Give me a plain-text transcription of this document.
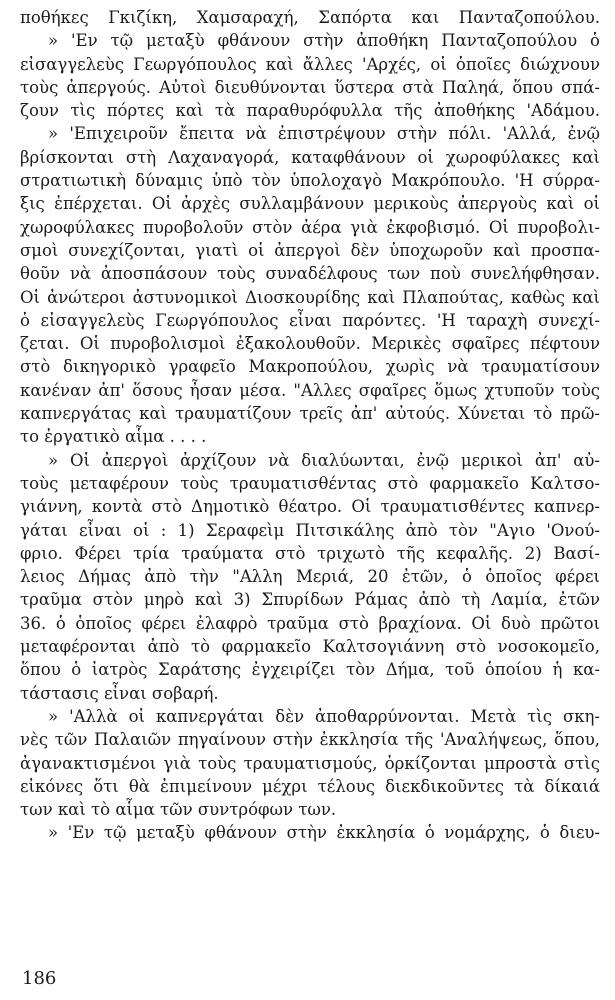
ποθήκες Γκιζίκη, Χαμσαραχή, Σαπόρτα και Πανταζοπούλου.
» 'Εν τῷ μεταξὺ φθάνουν στὴν ἀποθήκη Πανταζοπούλου ὁ
εἰσαγγελεὺς Γεωργόπουλος καὶ ἄλλες 'Αρχές, οἱ ὁποῖες διώχνουν
τοὺς ἀπεργούς. Αὐτοὶ διευθύνονται ὕστερα στὰ Παληά, ὅπου σπά-
ζουν τὶς πόρτες καὶ τὰ παραθυρόφυλλα τῆς ἀποθήκης 'Αδάμου.
» 'Επιχειροῦν ἔπειτα νὰ ἐπιστρέψουν στὴν πόλι. 'Αλλά, ἐνῷ
βρίσκονται στὴ Λαχαναγορά, καταφθάνουν οἱ χωροφύλακες καὶ
στρατιωτικὴ δύναμις ὑπὸ τὸν ὑπολοχαγὸ Μακρόπουλο. 'Η σύρρα-
ξις ἐπέρχεται. Οἱ ἀρχὲς συλλαμβάνουν μερικοὺς ἀπεργοὺς καὶ οἱ
χωροφύλακες πυροβολοῦν στὸν ἀέρα γιὰ ἐκφοβισμό. Οἱ πυροβολι-
σμοὶ συνεχίζονται, γιατὶ οἱ ἀπεργοὶ δὲν ὑποχωροῦν καὶ προσπα-
θοῦν νὰ ἀποσπάσουν τοὺς συναδέλφους των ποὺ συνελήφθησαν.
Οἱ ἀνώτεροι ἀστυνομικοὶ Διοσκουρίδης καὶ Πλαπούτας, καθὼς καὶ
ὁ εἰσαγγελεὺς Γεωργόπουλος εἶναι παρόντες. 'Η ταραχὴ συνεχί-
ζεται. Οἱ πυροβολισμοὶ ἐξακολουθοῦν. Μερικὲς σφαῖρες πέφτουν
στὸ δικηγορικὸ γραφεῖο Μακροπούλου, χωρὶς νὰ τραυματίσουν
κανέναν ἀπ' ὅσους ἦσαν μέσα. "Αλλες σφαῖρες ὅμως χτυποῦν τοὺς
καπνεργάτας καὶ τραυματίζουν τρεῖς ἀπ' αὐτούς. Χύνεται τὸ πρῶ-
το ἐργατικὸ αἷμα . . . .
» Οἱ ἀπεργοὶ ἀρχίζουν νὰ διαλύωνται, ἐνῷ μερικοὶ ἀπ' αὐ-
τοὺς μεταφέρουν τοὺς τραυματισθέντας στὸ φαρμακεῖο Καλτσο-
γιάννη, κοντὰ στὸ Δημοτικὸ θέατρο. Οἱ τραυματισθέντες καπνερ-
γάται εἶναι οἱ : 1) Σεραφεὶμ Πιτσικάλης ἀπὸ τὸν "Αγιο 'Ονού-
φριο. Φέρει τρία τραύματα στὸ τριχωτὸ τῆς κεφαλῆς. 2) Βασί-
λειος Δήμας ἀπὸ τὴν "Αλλη Μεριά, 20 ἐτῶν, ὁ ὁποῖος φέρει
τραῦμα στὸν μηρὸ καὶ 3) Σπυρίδων Ράμας ἀπὸ τὴ Λαμία, ἐτῶν
36. ὁ ὁποῖος φέρει ἐλαφρὸ τραῦμα στὸ βραχίονα. Οἱ δυὸ πρῶτοι
μεταφέρονται ἀπὸ τὸ φαρμακεῖο Καλτσογιάννη στὸ νοσοκομεῖο,
ὅπου ὁ ἰατρὸς Σαράτσης ἐγχειρίζει τὸν Δήμα, τοῦ ὁποίου ἡ κα-
τάστασις εἶναι σοβαρή.
» 'Αλλὰ οἱ καπνεργάται δὲν ἀποθαρρύνονται. Μετὰ τὶς σκη-
νὲς τῶν Παλαιῶν πηγαίνουν στὴν ἐκκλησία τῆς 'Αναλήψεως, ὅπου,
ἀγανακτισμένοι γιὰ τοὺς τραυματισμούς, ὁρκίζονται μπροστὰ στὶς
εἰκόνες ὅτι θὰ ἐπιμείνουν μέχρι τέλους διεκδικοῦντες τὰ δίκαιά
των καὶ τὸ αἷμα τῶν συντρόφων των.
» 'Εν τῷ μεταξὺ φθάνουν στὴν ἐκκλησία ὁ νομάρχης, ὁ διευ-
186
